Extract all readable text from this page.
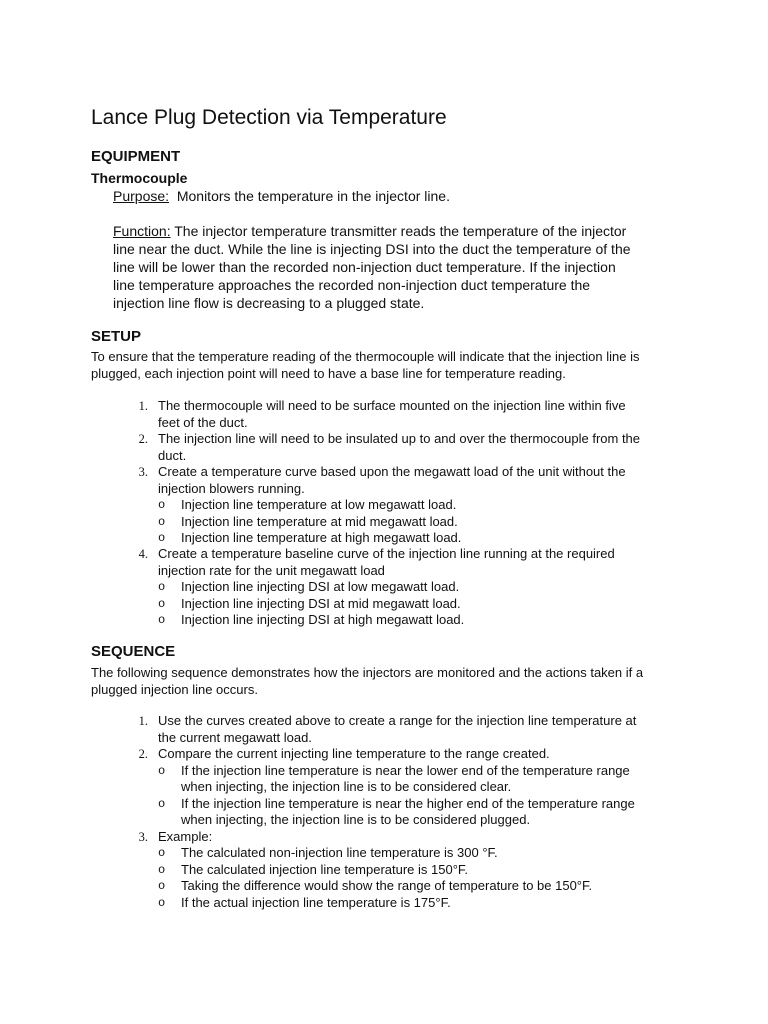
Lance Plug Detection via Temperature
EQUIPMENT
Thermocouple
Purpose: Monitors the temperature in the injector line.
Function: The injector temperature transmitter reads the temperature of the injector
line near the duct. While the line is injecting DSI into the duct the temperature of the
line will be lower than the recorded non-injection duct temperature. If the injection
line temperature approaches the recorded non-injection duct temperature the
injection line flow is decreasing to a plugged state.
SETUP
To ensure that the temperature reading of the thermocouple will indicate that the injection line is
plugged, each injection point will need to have a base line for temperature reading.
1. The thermocouple will need to be surface mounted on the injection line within five
feet of the duct.
2. The injection line will need to be insulated up to and over the thermocouple from the
duct.
3. Create a temperature curve based upon the megawatt load of the unit without the
injection blowers running.
o Injection line temperature at low megawatt load.
o Injection line temperature at mid megawatt load.
o Injection line temperature at high megawatt load.
4. Create a temperature baseline curve of the injection line running at the required
injection rate for the unit megawatt load
o Injection line injecting DSI at low megawatt load.
o Injection line injecting DSI at mid megawatt load.
o Injection line injecting DSI at high megawatt load.
SEQUENCE
The following sequence demonstrates how the injectors are monitored and the actions taken if a
plugged injection line occurs.
1. Use the curves created above to create a range for the injection line temperature at
the current megawatt load.
2. Compare the current injecting line temperature to the range created.
o If the injection line temperature is near the lower end of the temperature range
when injecting, the injection line is to be considered clear.
o If the injection line temperature is near the higher end of the temperature range
when injecting, the injection line is to be considered plugged.
3. Example:
o The calculated non-injection line temperature is 300 °F.
o The calculated injection line temperature is 150°F.
o Taking the difference would show the range of temperature to be 150°F.
o If the actual injection line temperature is 175°F.
